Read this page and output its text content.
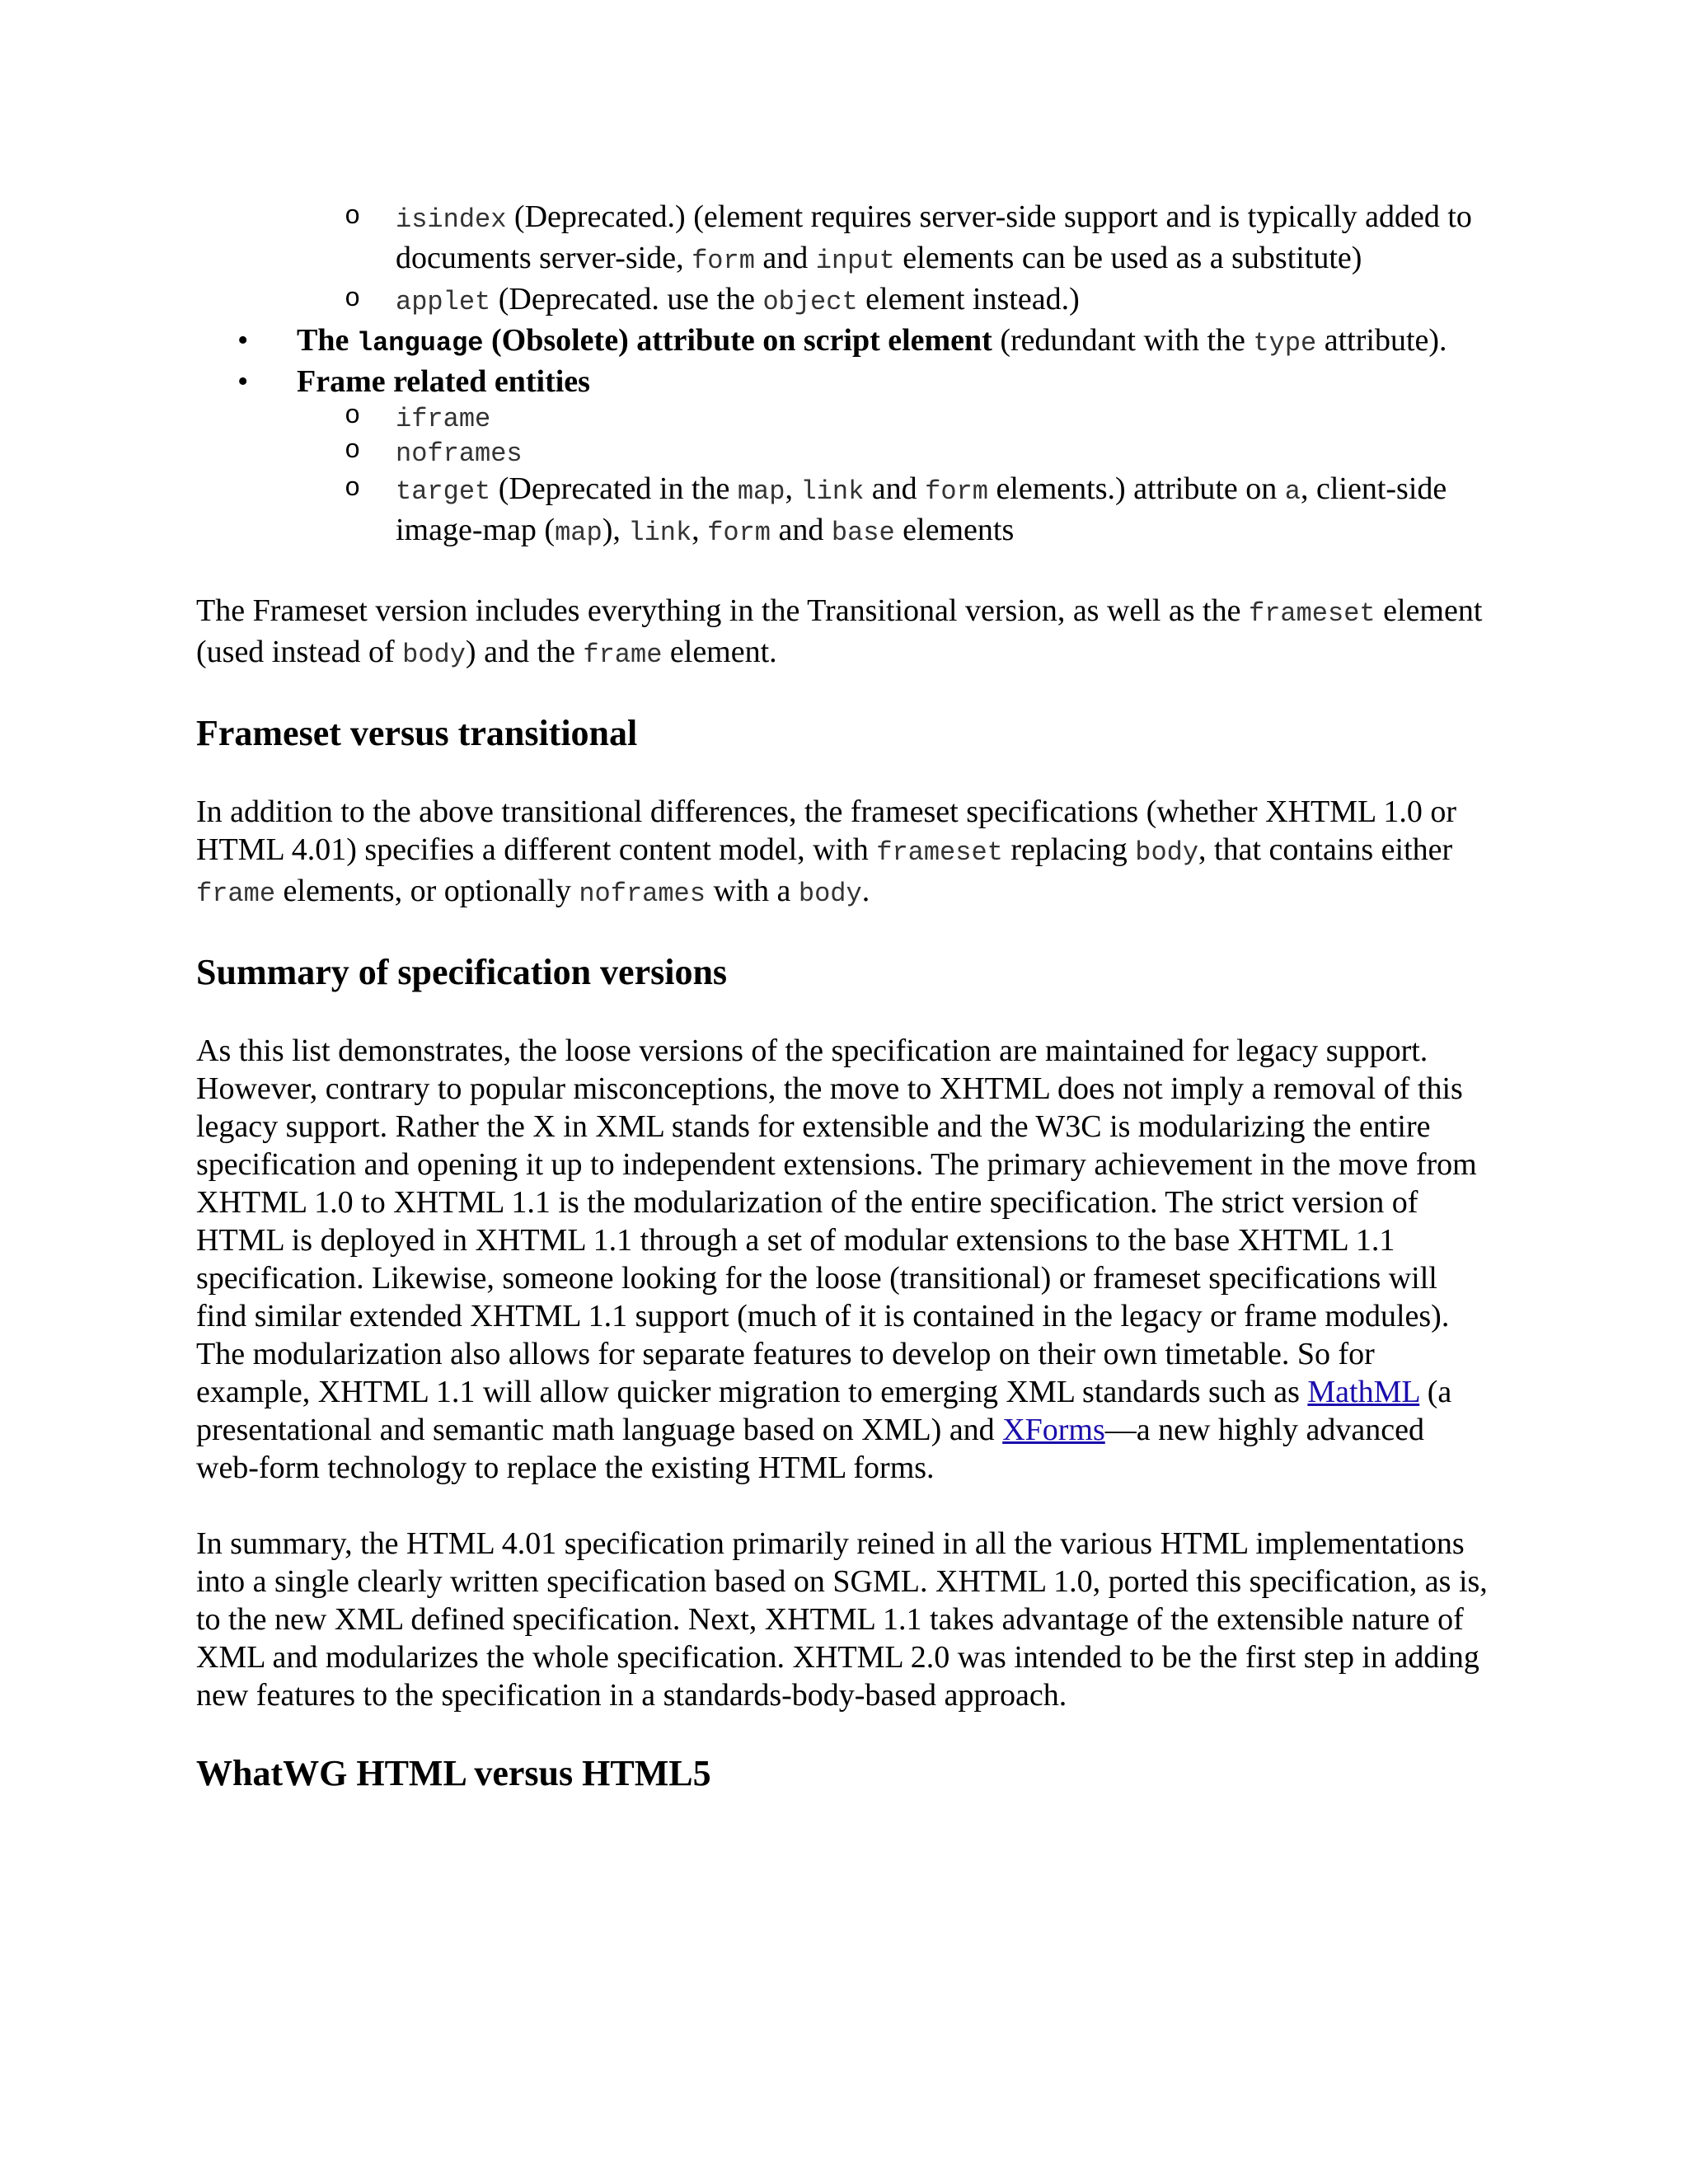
o isindex (Deprecated.) (element requires server-side support and is typically added to documents server-side, form and input elements can be used as a substitute)
o applet (Deprecated. use the object element instead.)
• The language (Obsolete) attribute on script element (redundant with the type attribute).
• Frame related entities
o iframe
o noframes
o target (Deprecated in the map, link and form elements.) attribute on a, client-side image-map (map), link, form and base elements

The Frameset version includes everything in the Transitional version, as well as the frameset element (used instead of body) and the frame element.

Frameset versus transitional

In addition to the above transitional differences, the frameset specifications (whether XHTML 1.0 or HTML 4.01) specifies a different content model, with frameset replacing body, that contains either frame elements, or optionally noframes with a body.

Summary of specification versions

As this list demonstrates, the loose versions of the specification are maintained for legacy support. However, contrary to popular misconceptions, the move to XHTML does not imply a removal of this legacy support. Rather the X in XML stands for extensible and the W3C is modularizing the entire specification and opening it up to independent extensions. The primary achievement in the move from XHTML 1.0 to XHTML 1.1 is the modularization of the entire specification. The strict version of HTML is deployed in XHTML 1.1 through a set of modular extensions to the base XHTML 1.1 specification. Likewise, someone looking for the loose (transitional) or frameset specifications will find similar extended XHTML 1.1 support (much of it is contained in the legacy or frame modules). The modularization also allows for separate features to develop on their own timetable. So for example, XHTML 1.1 will allow quicker migration to emerging XML standards such as MathML (a presentational and semantic math language based on XML) and XForms—a new highly advanced web-form technology to replace the existing HTML forms.

In summary, the HTML 4.01 specification primarily reined in all the various HTML implementations into a single clearly written specification based on SGML. XHTML 1.0, ported this specification, as is, to the new XML defined specification. Next, XHTML 1.1 takes advantage of the extensible nature of XML and modularizes the whole specification. XHTML 2.0 was intended to be the first step in adding new features to the specification in a standards-body-based approach.

WhatWG HTML versus HTML5
